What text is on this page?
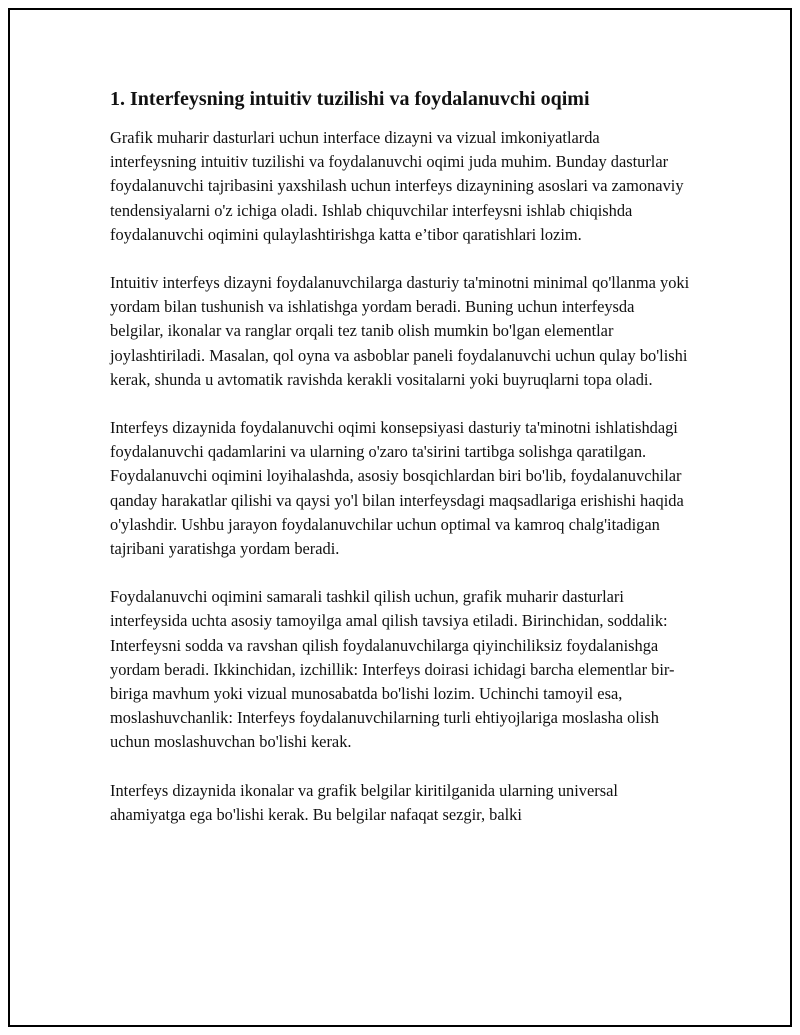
1. Interfeysning intuitiv tuzilishi va foydalanuvchi oqimi

Grafik muharir dasturlari uchun interface dizayni va vizual imkoniyatlarda interfeysning intuitiv tuzilishi va foydalanuvchi oqimi juda muhim. Bunday dasturlar foydalanuvchi tajribasini yaxshilash uchun interfeys dizaynining asoslari va zamonaviy tendensiyalarni o'z ichiga oladi. Ishlab chiquvchilar interfeysni ishlab chiqishda foydalanuvchi oqimini qulaylashtirishga katta e’tibor qaratishlari lozim.

Intuitiv interfeys dizayni foydalanuvchilarga dasturiy ta'minotni minimal qo'llanma yoki yordam bilan tushunish va ishlatishga yordam beradi. Buning uchun interfeysda belgilar, ikonalar va ranglar orqali tez tanib olish mumkin bo'lgan elementlar joylashtiriladi. Masalan, qol oyna va asboblar paneli foydalanuvchi uchun qulay bo'lishi kerak, shunda u avtomatik ravishda kerakli vositalarni yoki buyruqlarni topa oladi.

Interfeys dizaynida foydalanuvchi oqimi konsepsiyasi dasturiy ta'minotni ishlatishdagi foydalanuvchi qadamlarini va ularning o'zaro ta'sirini tartibga solishga qaratilgan. Foydalanuvchi oqimini loyihalashda, asosiy bosqichlardan biri bo'lib, foydalanuvchilar qanday harakatlar qilishi va qaysi yo'l bilan interfeysdagi maqsadlariga erishishi haqida o'ylashdir. Ushbu jarayon foydalanuvchilar uchun optimal va kamroq chalg'itadigan tajribani yaratishga yordam beradi.

Foydalanuvchi oqimini samarali tashkil qilish uchun, grafik muharir dasturlari interfeysida uchta asosiy tamoyilga amal qilish tavsiya etiladi. Birinchidan, soddalik: Interfeysni sodda va ravshan qilish foydalanuvchilarga qiyinchiliksiz foydalanishga yordam beradi. Ikkinchidan, izchillik: Interfeys doirasi ichidagi barcha elementlar bir-biriga mavhum yoki vizual munosabatda bo'lishi lozim. Uchinchi tamoyil esa, moslashuvchanlik: Interfeys foydalanuvchilarning turli ehtiyojlariga moslasha olish uchun moslashuvchan bo'lishi kerak.

Interfeys dizaynida ikonalar va grafik belgilar kiritilganida ularning universal ahamiyatga ega bo'lishi kerak. Bu belgilar nafaqat sezgir, balki
